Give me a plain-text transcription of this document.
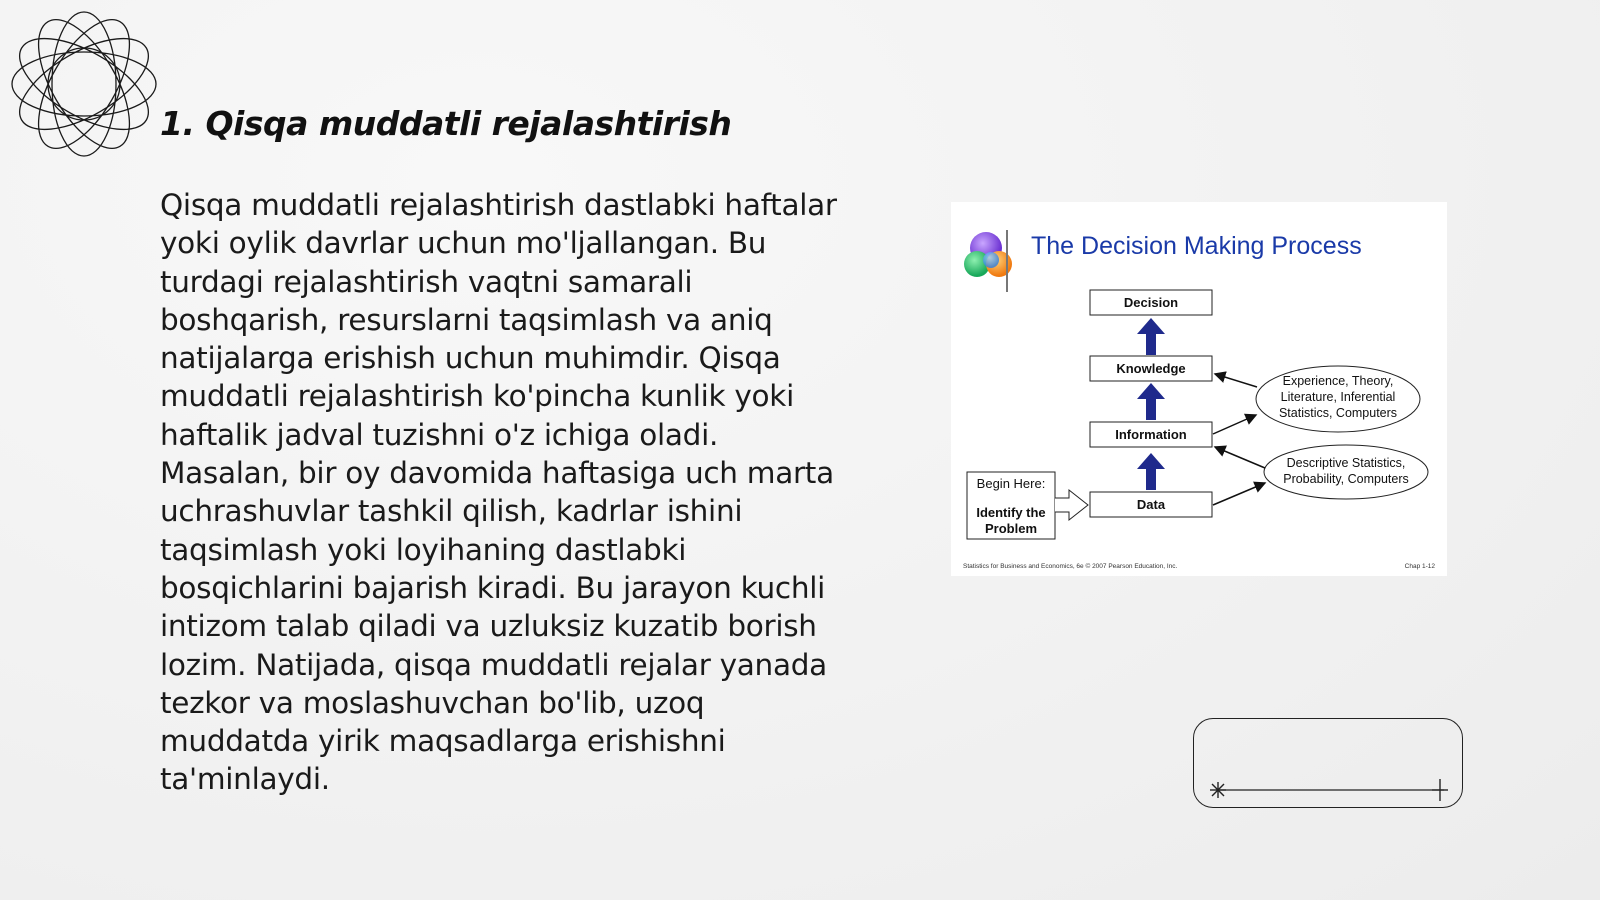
1. Qisqa muddatli rejalashtirish

Qisqa muddatli rejalashtirish dastlabki haftalar yoki oylik davrlar uchun mo'ljallangan. Bu turdagi rejalashtirish vaqtni samarali boshqarish, resurslarni taqsimlash va aniq natijalarga erishish uchun muhimdir. Qisqa muddatli rejalashtirish ko'pincha kunlik yoki haftalik jadval tuzishni o'z ichiga oladi. Masalan, bir oy davomida haftasiga uch marta uchrashuvlar tashkil qilish, kadrlar ishini taqsimlash yoki loyihaning dastlabki bosqichlarini bajarish kiradi. Bu jarayon kuchli intizom talab qiladi va uzluksiz kuzatib borish lozim. Natijada, qisqa muddatli rejalar yanada tezkor va moslashuvchan bo'lib, uzoq muddatda yirik maqsadlarga erishishni ta'minlaydi.

The Decision Making Process
Decision
Knowledge
Information
Data
Experience, Theory,
Literature, Inferential
Statistics, Computers
Descriptive Statistics,
Probability, Computers
Begin Here:
Identify the
Problem
Statistics for Business and Economics, 6e © 2007 Pearson Education, Inc.	Chap 1-12
